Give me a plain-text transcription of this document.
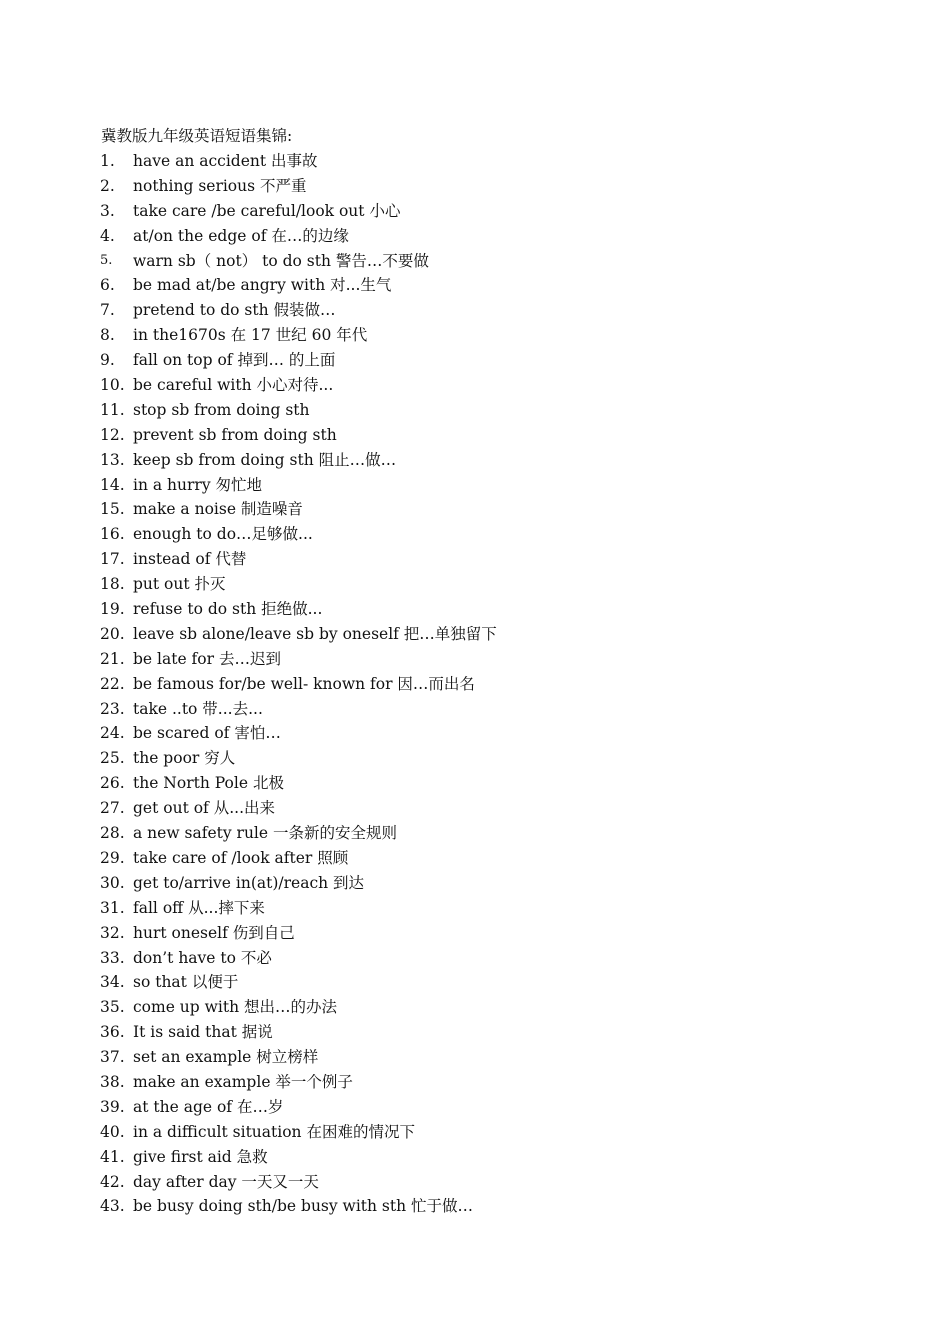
冀教版九年级英语短语集锦:
1.	have an accident 出事故
2.	nothing serious 不严重
3.	take care /be careful/look out 小心
4.	at/on the edge of 在…的边缘
5.	warn sb（ not） to do sth 警告…不要做
6.	be mad at/be angry with 对...生气
7.	pretend to do sth 假装做…
8.	in the1670s 在 17 世纪 60 年代
9.	fall on top of 掉到… 的上面
10. be careful with 小心对待...
11. stop sb from doing sth
12. prevent sb from doing sth
13. keep sb from doing sth 阻止…做…
14. in a hurry 匆忙地
15. make a noise 制造噪音
16. enough to do…足够做...
17. instead of 代替
18. put out 扑灭
19. refuse to do sth 拒绝做...
20. leave sb alone/leave sb by oneself 把…单独留下
21. be late for 去…迟到
22. be famous for/be well- known for 因…而出名
23. take ..to 带...去...
24. be scared of 害怕…
25. the poor 穷人
26. the North Pole 北极
27. get out of 从...出来
28. a new safety rule 一条新的安全规则
29. take care of /look after 照顾
30. get to/arrive in(at)/reach 到达
31. fall off 从...摔下来
32. hurt oneself 伤到自己
33. don’t have to 不必
34. so that 以便于
35. come up with 想出…的办法
36. It is said that 据说
37. set an example 树立榜样
38. make an example 举一个例子
39. at the age of 在…岁
40. in a difficult situation 在困难的情况下
41. give first aid 急救
42. day after day 一天又一天
43. be busy doing sth/be busy with sth 忙于做…
